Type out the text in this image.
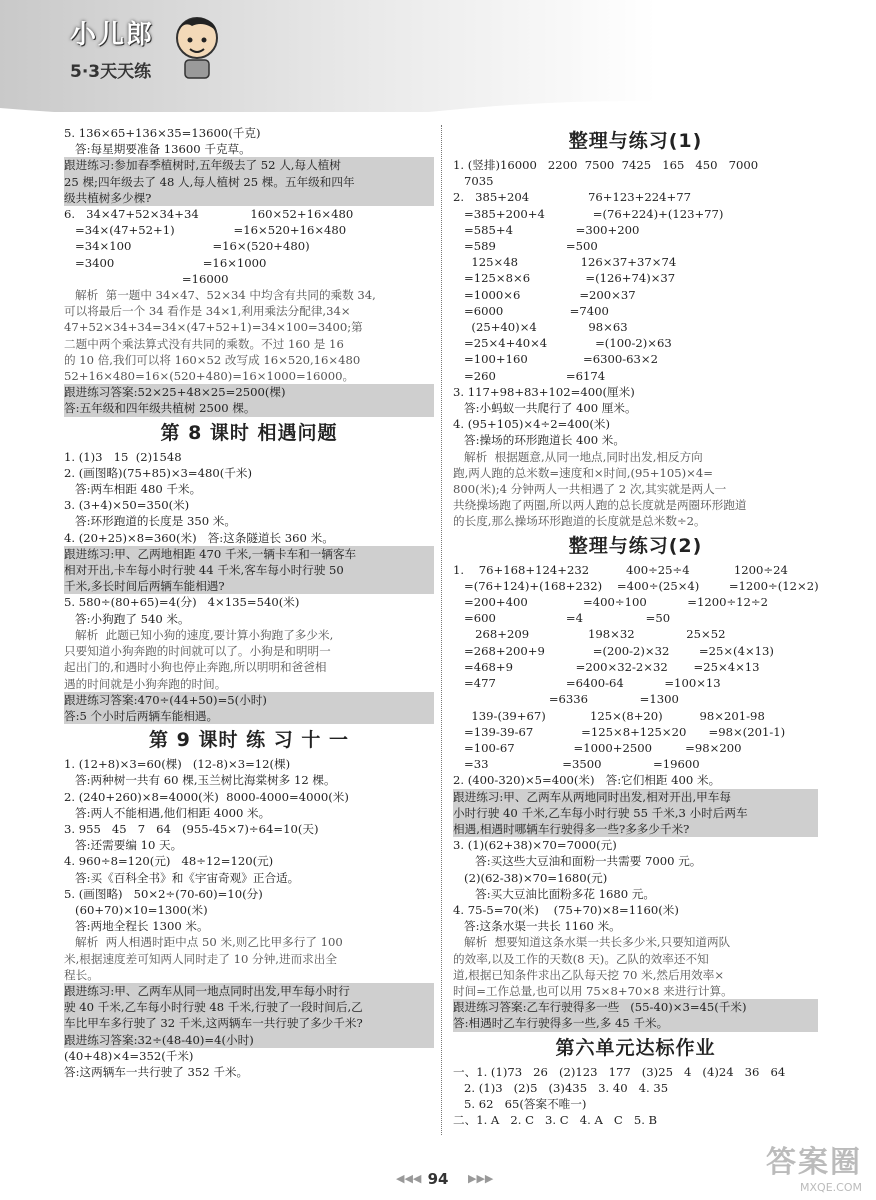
小儿郎
5·3天天练
5. 136×65+136×35=13600(千克)
答:每星期要准备 13600 千克草。
跟进练习:参加春季植树时,五年级去了 52 人,每人植树
25 棵;四年级去了 48 人,每人植树 25 棵。五年级和四年
级共植树多少棵?
6.   34×47+52×34+34              160×52+16×480
=34×(47+52+1)                =16×520+16×480
=34×100                      =16×(520+480)
=3400                        =16×1000
=16000
解析  第一题中 34×47、52×34 中均含有共同的乘数 34,
可以将最后一个 34 看作是 34×1,利用乘法分配律,34×
47+52×34+34=34×(47+52+1)=34×100=3400;第
二题中两个乘法算式没有共同的乘数。不过 160 是 16
的 10 倍,我们可以将 160×52 改写成 16×520,16×480
52+16×480=16×(520+480)=16×1000=16000。
跟进练习答案:52×25+48×25=2500(棵)
答:五年级和四年级共植树 2500 棵。
第 8 课时 相遇问题
1. (1)3   15  (2)1548
2. (画图略)(75+85)×3=480(千米)
答:两车相距 480 千米。
3. (3+4)×50=350(米)
答:环形跑道的长度是 350 米。
4. (20+25)×8=360(米)   答:这条隧道长 360 米。
跟进练习:甲、乙两地相距 470 千米,一辆卡车和一辆客车
相对开出,卡车每小时行驶 44 千米,客车每小时行驶 50
千米,多长时间后两辆车能相遇?
5. 580÷(80+65)=4(分)   4×135=540(米)
答:小狗跑了 540 米。
解析  此题已知小狗的速度,要计算小狗跑了多少米,
只要知道小狗奔跑的时间就可以了。小狗是和明明一
起出门的,和遇时小狗也停止奔跑,所以明明和爸爸相
遇的时间就是小狗奔跑的时间。
跟进练习答案:470÷(44+50)=5(小时)
答:5 个小时后两辆车能相遇。
第 9 课时 练 习 十 一
1. (12+8)×3=60(棵)   (12-8)×3=12(棵)
答:两种树一共有 60 棵,玉兰树比海棠树多 12 棵。
2. (240+260)×8=4000(米)  8000-4000=4000(米)
答:两人不能相遇,他们相距 4000 米。
3. 955   45   7   64   (955-45×7)÷64=10(天)
答:还需要编 10 天。
4. 960÷8=120(元)   48÷12=120(元)
答:买《百科全书》和《宇宙奇观》正合适。
5. (画图略)   50×2÷(70-60)=10(分)
(60+70)×10=1300(米)
答:两地全程长 1300 米。
解析  两人相遇时距中点 50 米,则乙比甲多行了 100
米,根据速度差可知两人同时走了 10 分钟,进而求出全
程长。
跟进练习:甲、乙两车从同一地点同时出发,甲车每小时行
驶 40 千米,乙车每小时行驶 48 千米,行驶了一段时间后,乙
车比甲车多行驶了 32 千米,这两辆车一共行驶了多少千米?
跟进练习答案:32÷(48-40)=4(小时)
(40+48)×4=352(千米)
答:这两辆车一共行驶了 352 千米。
整理与练习(1)
1. (竖排)16000   2200  7500  7425   165   450   7000
7035
2.   385+204                76+123+224+77
=385+200+4             =(76+224)+(123+77)
=585+4                 =300+200
=589                   =500
125×48                 126×37+37×74
=125×8×6               =(126+74)×37
=1000×6                =200×37
=6000                  =7400
(25+40)×4              98×63
=25×4+40×4             =(100-2)×63
=100+160               =6300-63×2
=260                   =6174
3. 117+98+83+102=400(厘米)
答:小蚂蚁一共爬行了 400 厘米。
4. (95+105)×4÷2=400(米)
答:操场的环形跑道长 400 米。
解析  根据题意,从同一地点,同时出发,相反方向
跑,两人跑的总米数=速度和×时间,(95+105)×4=
800(米);4 分钟两人一共相遇了 2 次,其实就是两人一
共绕操场跑了两圈,所以两人跑的总长度就是两圈环形跑道
的长度,那么操场环形跑道的长度就是总米数÷2。
整理与练习(2)
1.    76+168+124+232          400÷25÷4            1200÷24
=(76+124)+(168+232)    =400÷(25×4)        =1200÷(12×2)
=200+400               =400÷100           =1200÷12÷2
=600                   =4                 =50
268+209                198×32              25×52
=268+200+9             =(200-2)×32        =25×(4×13)
=468+9                 =200×32-2×32       =25×4×13
=477                   =6400-64           =100×13
=6336              =1300
139-(39+67)            125×(8+20)          98×201-98
=139-39-67             =125×8+125×20      =98×(201-1)
=100-67                =1000+2500         =98×200
=33                    =3500              =19600
2. (400-320)×5=400(米)   答:它们相距 400 米。
跟进练习:甲、乙两车从两地同时出发,相对开出,甲车每
小时行驶 40 千米,乙车每小时行驶 55 千米,3 小时后两车
相遇,相遇时哪辆车行驶得多一些?多多少千米?
3. (1)(62+38)×70=7000(元)
答:买这些大豆油和面粉一共需要 7000 元。
(2)(62-38)×70=1680(元)
答:买大豆油比面粉多花 1680 元。
4. 75-5=70(米)    (75+70)×8=1160(米)
答:这条水渠一共长 1160 米。
解析  想要知道这条水渠一共长多少米,只要知道两队
的效率,以及工作的天数(8 天)。乙队的效率还不知
道,根据已知条件求出乙队每天挖 70 米,然后用效率×
时间=工作总量,也可以用 75×8+70×8 来进行计算。
跟进练习答案:乙车行驶得多一些   (55-40)×3=45(千米)
答:相遇时乙车行驶得多一些,多 45 千米。
第六单元达标作业
一、1. (1)73   26   (2)123   177   (3)25   4   (4)24   36   64
2. (1)3   (2)5   (3)435   3. 40   4. 35
5. 62   65(答案不唯一)
二、1. A   2. C   3. C   4. A   C   5. B
◀◀◀ 94	▶▶▶	答案圈
MXQE.COM
